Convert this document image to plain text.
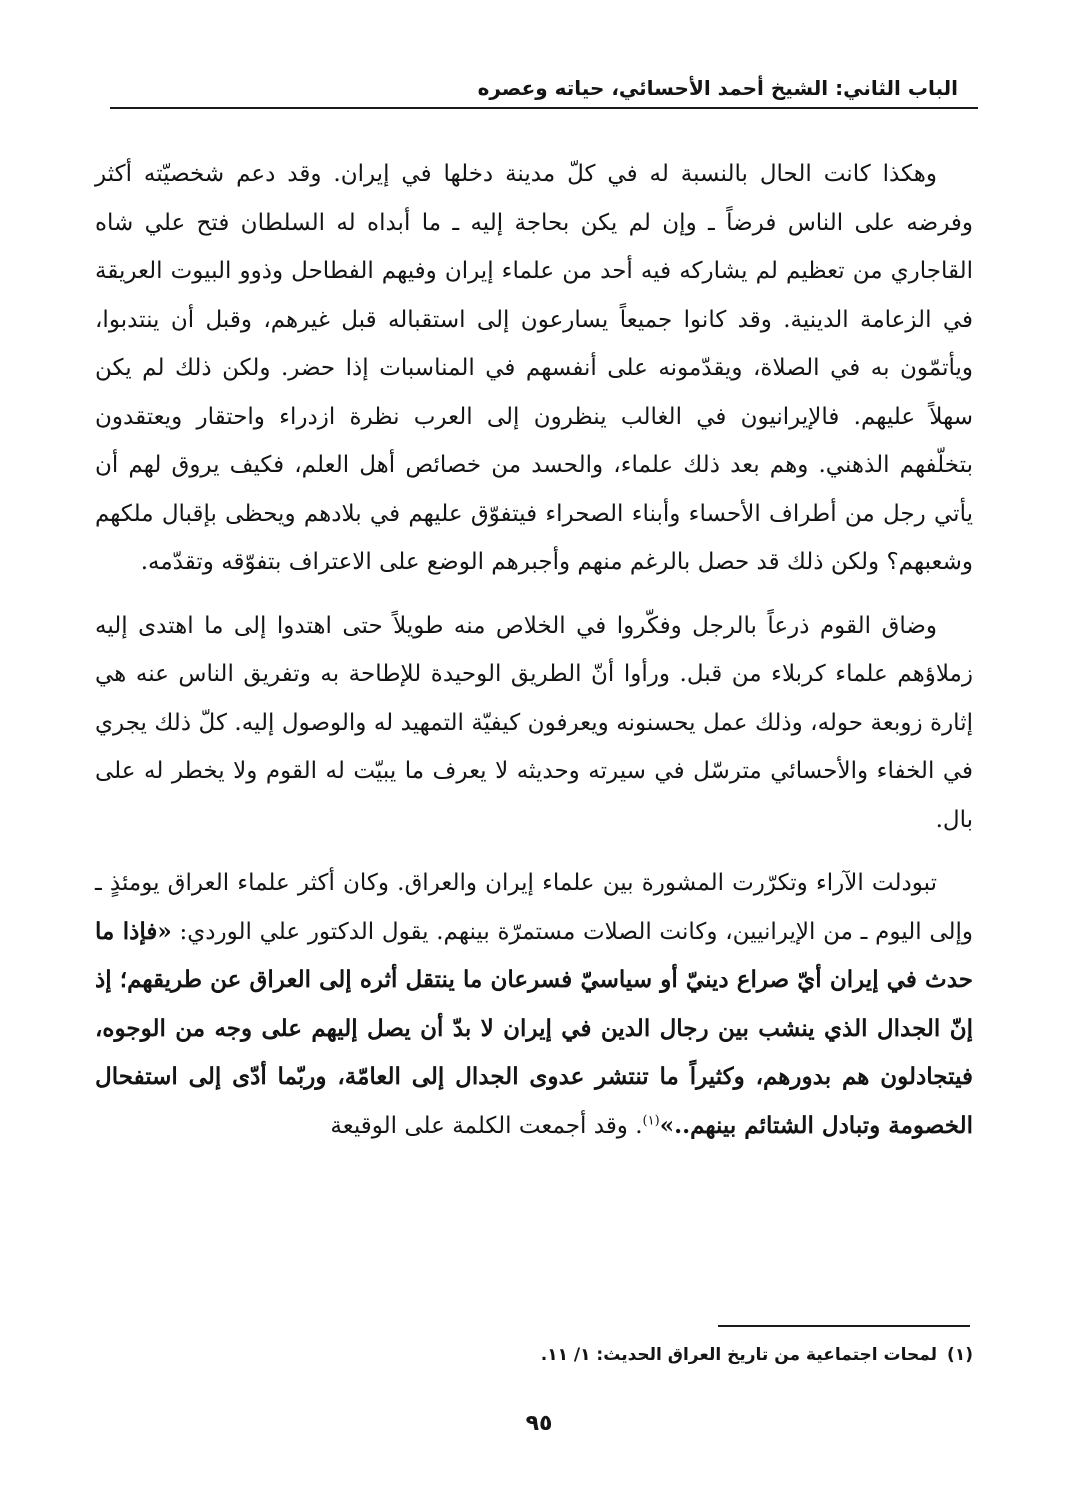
الباب الثاني: الشيخ أحمد الأحسائي، حياته وعصره

وهكذا كانت الحال بالنسبة له في كلّ مدينة دخلها في إيران. وقد دعم شخصيّته أكثر وفرضه على الناس فرضاً ـ وإن لم يكن بحاجة إليه ـ ما أبداه له السلطان فتح علي شاه القاجاري من تعظيم لم يشاركه فيه أحد من علماء إيران وفيهم الفطاحل وذوو البيوت العريقة في الزعامة الدينية. وقد كانوا جميعاً يسارعون إلى استقباله قبل غيرهم، وقبل أن ينتدبوا، ويأتمّون به في الصلاة، ويقدّمونه على أنفسهم في المناسبات إذا حضر. ولكن ذلك لم يكن سهلاً عليهم. فالإيرانيون في الغالب ينظرون إلى العرب نظرة ازدراء واحتقار ويعتقدون بتخلّفهم الذهني. وهم بعد ذلك علماء، والحسد من خصائص أهل العلم، فكيف يروق لهم أن يأتي رجل من أطراف الأحساء وأبناء الصحراء فيتفوّق عليهم في بلادهم ويحظى بإقبال ملكهم وشعبهم؟ ولكن ذلك قد حصل بالرغم منهم وأجبرهم الوضع على الاعتراف بتفوّقه وتقدّمه.

وضاق القوم ذرعاً بالرجل وفكّروا في الخلاص منه طويلاً حتى اهتدوا إلى ما اهتدى إليه زملاؤهم علماء كربلاء من قبل. ورأوا أنّ الطريق الوحيدة للإطاحة به وتفريق الناس عنه هي إثارة زوبعة حوله، وذلك عمل يحسنونه ويعرفون كيفيّة التمهيد له والوصول إليه. كلّ ذلك يجري في الخفاء والأحسائي مترسّل في سيرته وحديثه لا يعرف ما يبيّت له القوم ولا يخطر له على بال.

تبودلت الآراء وتكرّرت المشورة بين علماء إيران والعراق. وكان أكثر علماء العراق يومئذٍ ـ وإلى اليوم ـ من الإيرانيين، وكانت الصلات مستمرّة بينهم. يقول الدكتور علي الوردي: «فإذا ما حدث في إيران أيّ صراع دينيّ أو سياسيّ فسرعان ما ينتقل أثره إلى العراق عن طريقهم؛ إذ إنّ الجدال الذي ينشب بين رجال الدين في إيران لا بدّ أن يصل إليهم على وجه من الوجوه، فيتجادلون هم بدورهم، وكثيراً ما تنتشر عدوى الجدال إلى العامّة، وربّما أدّى إلى استفحال الخصومة وتبادل الشتائم بينهم..»$^{(١)}$. وقد أجمعت الكلمة على الوقيعة

(١)لمحات اجتماعية من تاريخ العراق الحديث: ١/ ١١.
٩٥
